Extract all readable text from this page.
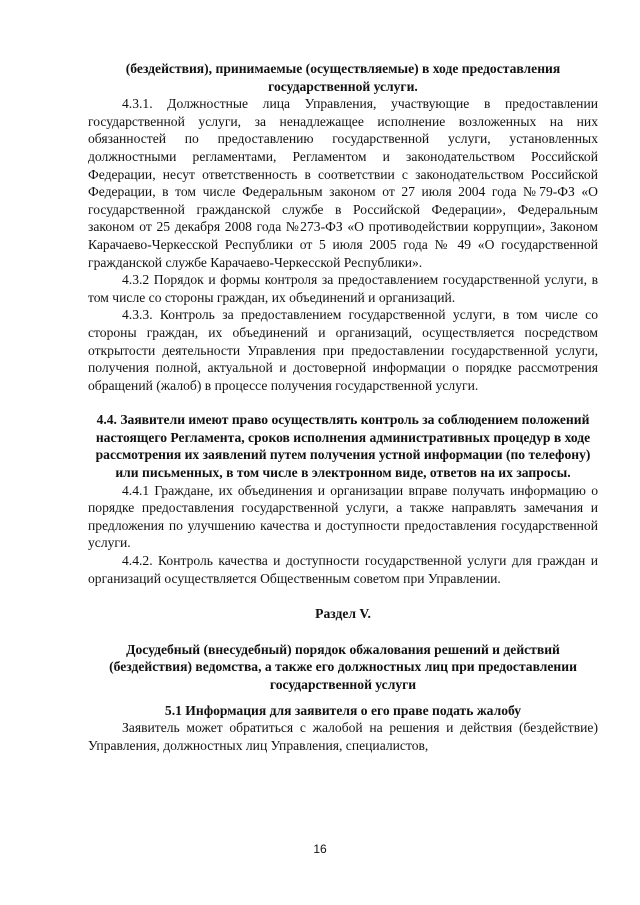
(бездействия), принимаемые (осуществляемые) в ходе предоставления государственной услуги.

4.3.1. Должностные лица Управления, участвующие в предоставлении государственной услуги, за ненадлежащее исполнение возложенных на них обязанностей по предоставлению государственной услуги, установленных должностными регламентами, Регламентом и законодательством Российской Федерации, несут ответственность в соответствии с законодательством Российской Федерации, в том числе Федеральным законом от 27 июля 2004 года №79-ФЗ «О государственной гражданской службе в Российской Федерации», Федеральным законом от 25 декабря 2008 года №273-ФЗ «О противодействии коррупции», Законом Карачаево-Черкесской Республики от 5 июля 2005 года № 49 «О государственной гражданской службе Карачаево-Черкесской Республики».

4.3.2 Порядок и формы контроля за предоставлением государственной услуги, в том числе со стороны граждан, их объединений и организаций.

4.3.3. Контроль за предоставлением государственной услуги, в том числе со стороны граждан, их объединений и организаций, осуществляется посредством открытости деятельности Управления при предоставлении государственной услуги, получения полной, актуальной и достоверной информации о порядке рассмотрения обращений (жалоб) в процессе получения государственной услуги.

4.4. Заявители имеют право осуществлять контроль за соблюдением положений настоящего Регламента, сроков исполнения административных процедур в ходе рассмотрения их заявлений путем получения устной информации (по телефону) или письменных, в том числе в электронном виде, ответов на их запросы.

4.4.1 Граждане, их объединения и организации вправе получать информацию о порядке предоставления государственной услуги, а также направлять замечания и предложения по улучшению качества и доступности предоставления государственной услуги.

4.4.2. Контроль качества и доступности государственной услуги для граждан и организаций осуществляется Общественным советом при Управлении.

Раздел V.

Досудебный (внесудебный) порядок обжалования решений и действий (бездействия) ведомства, а также его должностных лиц при предоставлении государственной услуги

5.1 Информация для заявителя о его праве подать жалобу

Заявитель может обратиться с жалобой на решения и действия (бездействие) Управления, должностных лиц Управления, специалистов,

16
